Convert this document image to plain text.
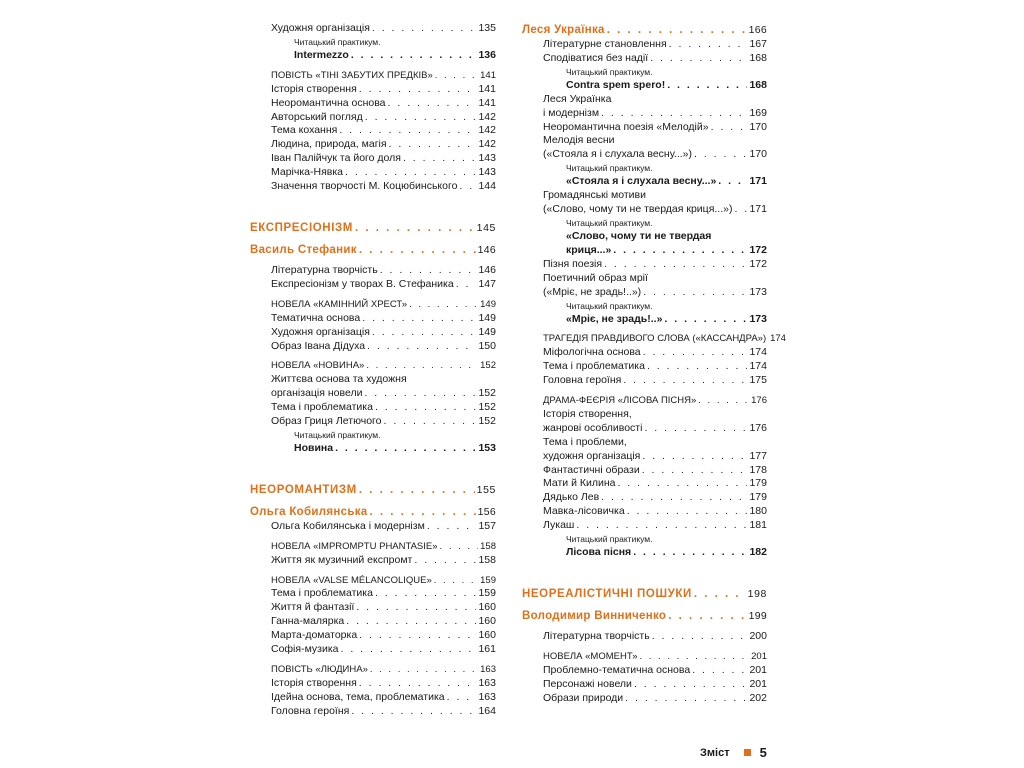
Художня організація . . .	135
Читацький практикум.
Intermezzo . . .	136
ПОВІСТЬ «ТІНІ ЗАБУТИХ ПРЕДКІВ» . . .	141
Історія створення . . .	141
Неоромантична основа . . .	141
Авторський погляд . . .	142
Тема кохання . . .	142
Людина, природа, магія . . .	142
Іван Палійчук та його доля . . .	143
Марічка-Нявка . . .	143
Значення творчості М. Коцюбинського . . . 144
ЕКСПРЕСІОНІЗМ . . .	145
Василь Стефаник . . .	146
Літературна творчість . . .	146
Експресіонізм у творах В. Стефаника . . . 147
НОВЕЛА «КАМІННИЙ ХРЕСТ» . . .	149
Тематична основа . . .	149
Художня організація . . .	149
Образ Івана Дідуха . . .	150
НОВЕЛА «НОВИНА» . . .	152
Життєва основа та художня
організація новели . . .	152
Тема і проблематика . . .	152
Образ Гриця Летючого . . .	152
Читацький практикум.
Новина . . .	153
НЕОРОМАНТИЗМ . . .	155
Ольга Кобилянська . . .	156
Ольга Кобилянська і модернізм . . .	157
НОВЕЛА «IMPROMPTU PHANTASIE» . . .	158
Життя як музичний експромт . . .	158
НОВЕЛА «VALSE MÉLANCOLIQUE» . . .	159
Тема і проблематика . . .	159
Життя й фантазії . . .	160
Ганна-малярка . . .	160
Марта-доматорка . . .	160
Софія-музика . . .	161
ПОВІСТЬ «ЛЮДИНА» . . .	163
Історія створення . . .	163
Ідейна основа, тема, проблематика . . .	163
Головна героїня . . .	164
Леся Українка . . .	166
Літературне становлення . . .	167
Сподіватися без надії . . .	168
Читацький практикум.
Contra spem spero! . . .	168
Леся Українка
і модернізм . . .	169
Неоромантична поезія «Мелодій» . . .	170
Мелодія весни
(«Стояла я і слухала весну...») . . .	170
Читацький практикум.
«Стояла я і слухала весну...» . . .	171
Громадянські мотиви
(«Слово, чому ти не твердая криця...») . . . 171
Читацький практикум.
«Слово, чому ти не твердая
криця...» . . .	172
Пізня поезія . . .	172
Поетичний образ мрії
(«Мріє, не зрадь!..») . . .	173
Читацький практикум.
«Мріє, не зрадь!..» . . .	173
ТРАГЕДІЯ ПРАВДИВОГО СЛОВА («КАССАНДРА») 174
Міфологічна основа . . .	174
Тема і проблематика . . .	174
Головна героїня . . .	175
ДРАМА-ФЕЄРІЯ «ЛІСОВА ПІСНЯ» . . .	176
Історія створення,
жанрові особливості . . .	176
Тема і проблеми,
художня організація . . .	177
Фантастичні образи . . .	178
Мати й Килина . . .	179
Дядько Лев . . .	179
Мавка-лісовичка . . .	180
Лукаш . . .	181
Читацький практикум.
Лісова пісня . . .	182
НЕОРЕАЛІСТИЧНІ ПОШУКИ . . .	198
Володимир Винниченко . . .	199
Літературна творчість . . .	200
НОВЕЛА «МОМЕНТ» . . .	201
Проблемно-тематична основа . . .	201
Персонажі новели . . .	201
Образи природи . . .	202
Зміст 5
